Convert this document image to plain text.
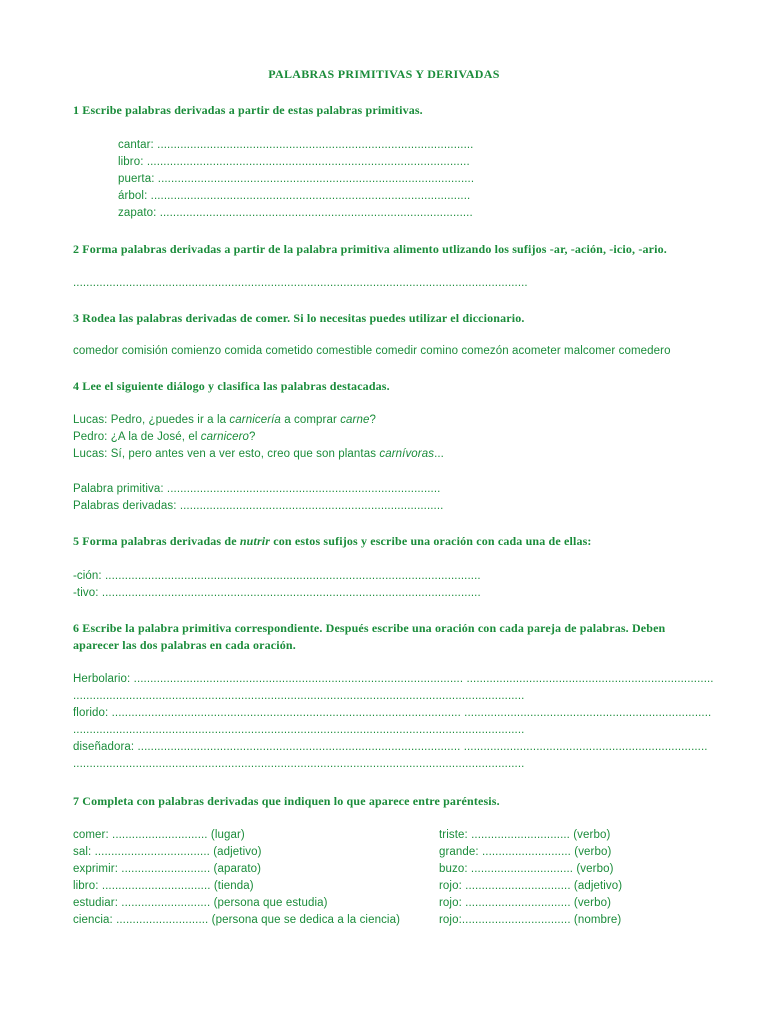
PALABRAS PRIMITIVAS Y DERIVADAS
1 Escribe palabras derivadas a partir de estas palabras primitivas.
cantar: ................................................................................................
libro: ..................................................................................................
puerta: ................................................................................................
árbol: .................................................................................................
zapato: ...............................................................................................
2 Forma palabras derivadas a partir de la palabra primitiva alimento utlizando los sufijos -ar, -ación, -icio, -ario.
..........................................................................................................................................
3 Rodea las palabras derivadas de comer. Si lo necesitas puedes utilizar el diccionario.
comedor comisión comienzo comida cometido comestible comedir comino comezón acometer malcomer comedero
4 Lee el siguiente diálogo y clasifica las palabras destacadas.
Lucas: Pedro, ¿puedes ir a la carnicería a comprar carne?
Pedro: ¿A la de José, el carnicero?
Lucas: Sí, pero antes ven a ver esto, creo que son plantas carnívoras...
Palabra primitiva: ...................................................................................
Palabras derivadas: ................................................................................
5 Forma palabras derivadas de nutrir con estos sufijos y escribe una oración con cada una de ellas:
-ción: ..................................................................................................................
-tivo: ...................................................................................................................
6 Escribe la palabra primitiva correspondiente. Después escribe una oración con cada pareja de palabras. Deben
aparecer las dos palabras en cada oración.
Herbolario: .................................................................................................... ...........................................................................
.........................................................................................................................................
florido: .......................................................................................................... ...........................................................................
.........................................................................................................................................
diseñadora: .................................................................................................. ..........................................................................
.........................................................................................................................................
7 Completa con palabras derivadas que indiquen lo que aparece entre paréntesis.
comer: ............................. (lugar)
sal: ................................... (adjetivo)
exprimir: ........................... (aparato)
libro: ................................. (tienda)
estudiar: ........................... (persona que estudia)
ciencia: ............................ (persona que se dedica a la ciencia)
triste: .............................. (verbo)
grande: ........................... (verbo)
buzo: ............................... (verbo)
rojo: ................................ (adjetivo)
rojo: ................................ (verbo)
rojo:................................. (nombre)
